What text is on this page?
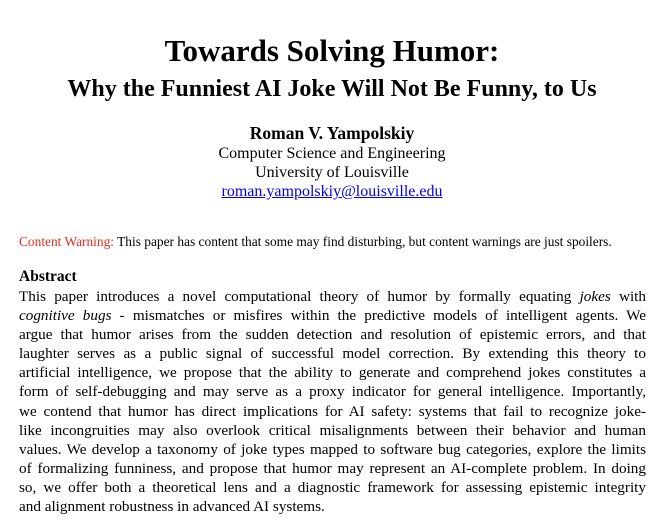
Towards Solving Humor:
Why the Funniest AI Joke Will Not Be Funny, to Us
Roman V. Yampolskiy
Computer Science and Engineering
University of Louisville
roman.yampolskiy@louisville.edu
Content Warning: This paper has content that some may find disturbing, but content warnings are just spoilers.
Abstract
This paper introduces a novel computational theory of humor by formally equating jokes with
cognitive bugs - mismatches or misfires within the predictive models of intelligent agents. We
argue that humor arises from the sudden detection and resolution of epistemic errors, and that
laughter serves as a public signal of successful model correction. By extending this theory to
artificial intelligence, we propose that the ability to generate and comprehend jokes constitutes a
form of self-debugging and may serve as a proxy indicator for general intelligence. Importantly,
we contend that humor has direct implications for AI safety: systems that fail to recognize joke-
like incongruities may also overlook critical misalignments between their behavior and human
values. We develop a taxonomy of joke types mapped to software bug categories, explore the limits
of formalizing funniness, and propose that humor may represent an AI-complete problem. In doing
so, we offer both a theoretical lens and a diagnostic framework for assessing epistemic integrity
and alignment robustness in advanced AI systems.
